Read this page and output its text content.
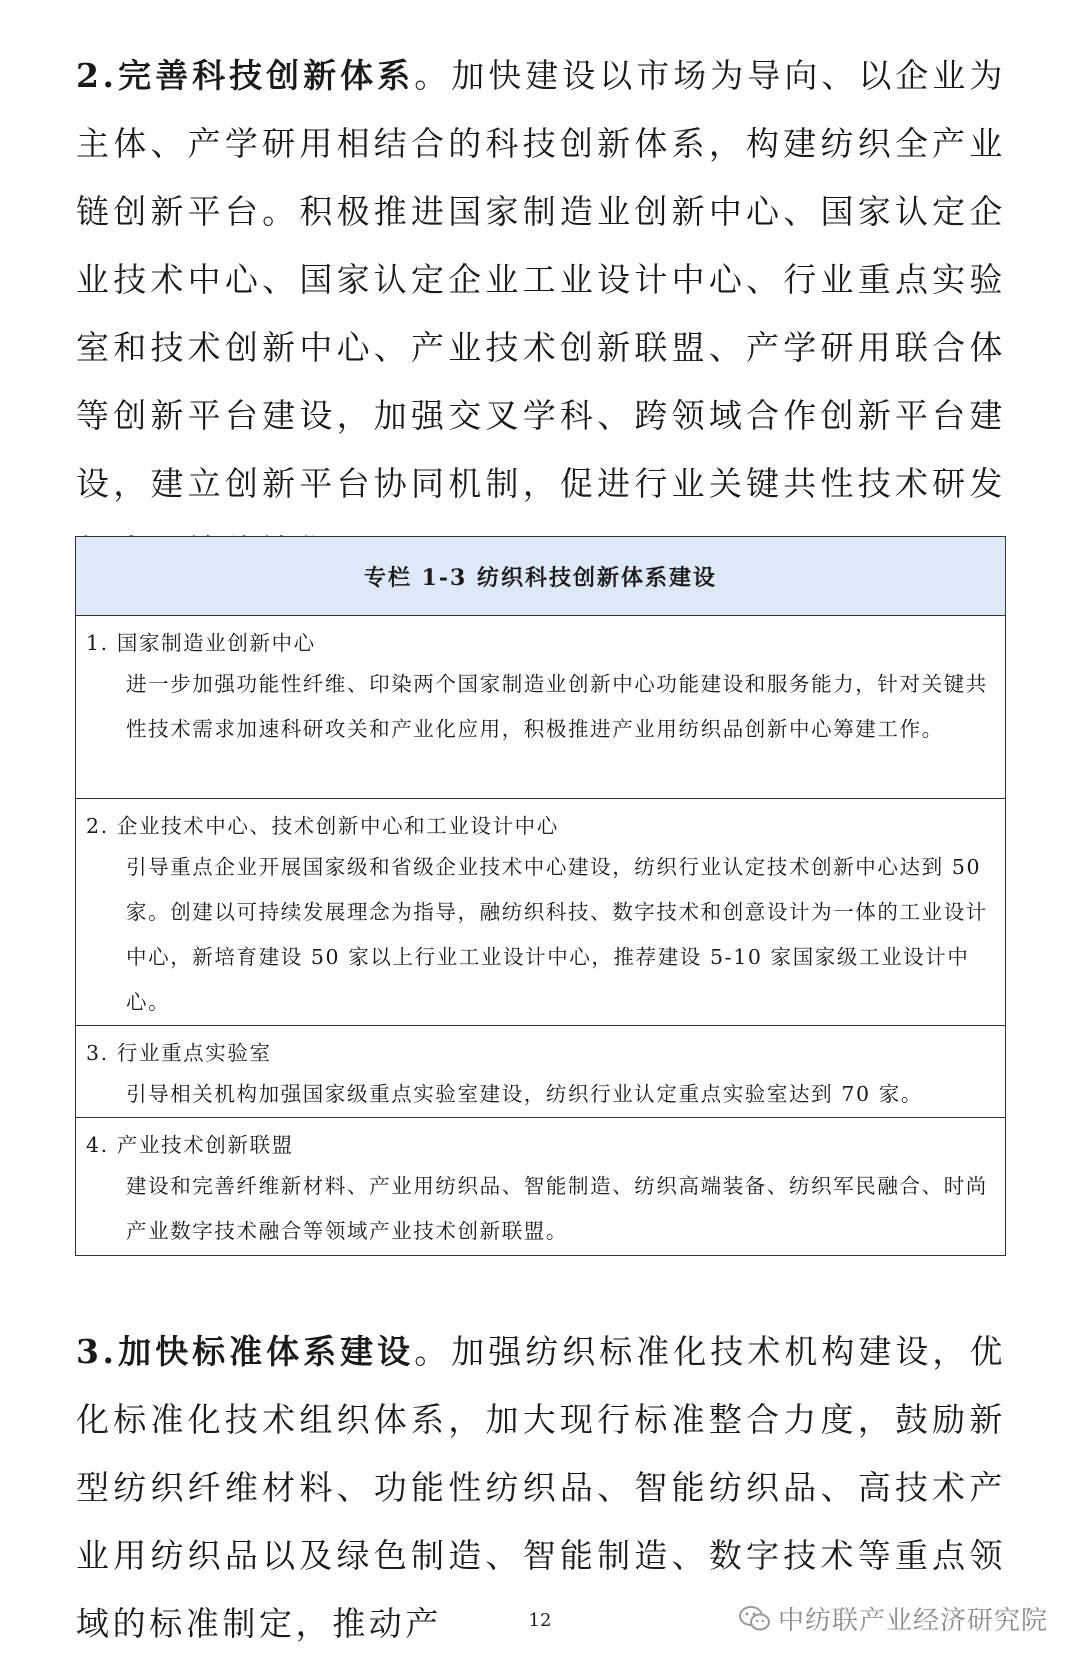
2.完善科技创新体系。加快建设以市场为导向、以企业为主体、产学研用相结合的科技创新体系，构建纺织全产业链创新平台。积极推进国家制造业创新中心、国家认定企业技术中心、国家认定企业工业设计中心、行业重点实验室和技术创新中心、产业技术创新联盟、产学研用联合体等创新平台建设，加强交叉学科、跨领域合作创新平台建设，建立创新平台协同机制，促进行业关键共性技术研发

专栏 1-3 纺织科技创新体系建设

1. 国家制造业创新中心

进一步加强功能性纤维、印染两个国家制造业创新中心功能建设和服务能力，针对关键共性技术需求加速科研攻关和产业化应用，积极推进产业用纺织品创新中心筹建工作。

2. 企业技术中心、技术创新中心和工业设计中心

引导重点企业开展国家级和省级企业技术中心建设，纺织行业认定技术创新中心达到 50 家。创建以可持续发展理念为指导，融纺织科技、数字技术和创意设计为一体的工业设计中心，新培育建设 50 家以上行业工业设计中心，推荐建设 5-10 家国家级工业设计中心。

3. 行业重点实验室

引导相关机构加强国家级重点实验室建设，纺织行业认定重点实验室达到 70 家。

4. 产业技术创新联盟

建设和完善纤维新材料、产业用纺织品、智能制造、纺织高端装备、纺织军民融合、时尚产业数字技术融合等领域产业技术创新联盟。

3.加快标准体系建设。加强纺织标准化技术机构建设，优化标准化技术组织体系，加大现行标准整合力度，鼓励新型纺织纤维材料、功能性纺织品、智能纺织品、高技术产业用纺织品以及绿色制造、智能制造、数字技术等重点领域的标准制定，推动产	12	中纺联产业经济研究院
